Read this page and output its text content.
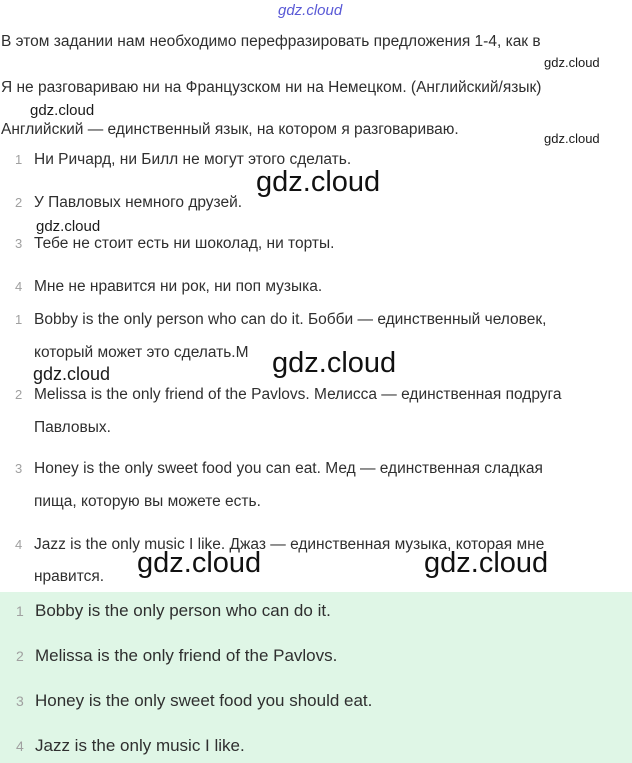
gdz.cloud
В этом задании нам необходимо перефразировать предложения 1-4, как в
gdz.cloud
Я не разговариваю ни на Французском ни на Немецком. (Английский/язык)
gdz.cloud
Английский — единственный язык, на котором я разговариваю.
gdz.cloud
1 Ни Ричард, ни Билл не могут этого сделать.
gdz.cloud
2 У Павловых немного друзей.
gdz.cloud
3 Тебе не стоит есть ни шоколад, ни торты.
4 Мне не нравится ни рок, ни поп музыка.
1 Bobby is the only person who can do it. Бобби — единственный человек,
который может это сделать.М gdz.cloud
gdz.cloud
2 Melissa is the only friend of the Pavlovs. Мелисса — единственная подруга
Павловых.
3 Honey is the only sweet food you can eat. Мед — единственная сладкая
пища, которую вы можете есть.
4 Jazz is the only music I like. Джаз — единственная музыка, которая мне
нравится. gdz.cloud	gdz.cloud
1 Bobby is the only person who can do it.
2 Melissa is the only friend of the Pavlovs.
3 Honey is the only sweet food you should eat.
4 Jazz is the only music I like.
